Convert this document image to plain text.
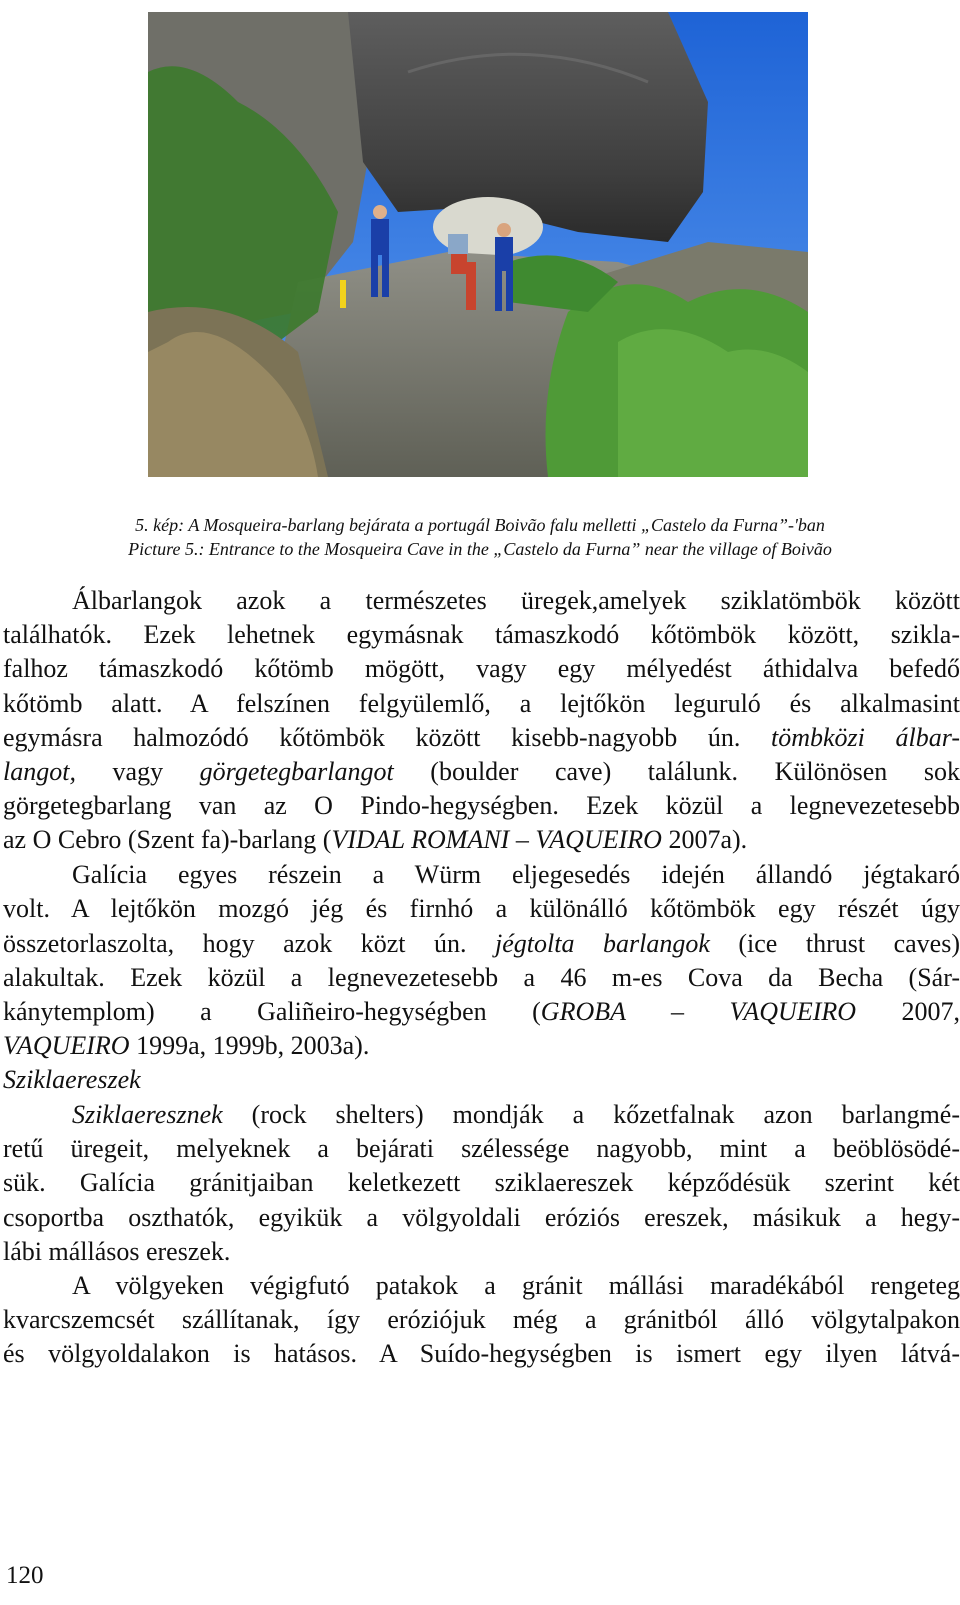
5. kép: A Mosqueira-barlang bejárata a portugál Boivão falu melletti „Castelo da Furna”-'ban
Picture 5.: Entrance to the Mosqueira Cave in the „Castelo da Furna” near the village of Boivão
Álbarlangok azok a természetes üregek,amelyek sziklatömbök között
találhatók. Ezek lehetnek egymásnak támaszkodó kőtömbök között, szikla-
falhoz támaszkodó kőtömb mögött, vagy egy mélyedést áthidalva befedő
kőtömb alatt. A felszínen felgyülemlő, a lejtőkön leguruló és alkalmasint
egymásra halmozódó kőtömbök között kisebb-nagyobb ún. tömbközi álbar-
langot, vagy görgetegbarlangot (boulder cave) találunk. Különösen sok
görgetegbarlang van az O Pindo-hegységben. Ezek közül a legnevezetesebb
az O Cebro (Szent fa)-barlang (VIDAL ROMANI – VAQUEIRO 2007a).
Galícia egyes részein a Würm eljegesedés idején állandó jégtakaró
volt. A lejtőkön mozgó jég és firnhó a különálló kőtömbök egy részét úgy
összetorlaszolta, hogy azok közt ún. jégtolta barlangok (ice thrust caves)
alakultak. Ezek közül a legnevezetesebb a 46 m-es Cova da Becha (Sár-
kánytemplom) a Galiñeiro-hegységben (GROBA – VAQUEIRO 2007,
VAQUEIRO 1999a, 1999b, 2003a).
Sziklaereszek
Sziklaeresznek (rock shelters) mondják a kőzetfalnak azon barlangmé-
retű üregeit, melyeknek a bejárati szélessége nagyobb, mint a beöblösödé-
sük. Galícia gránitjaiban keletkezett sziklaereszek képződésük szerint két
csoportba oszthatók, egyikük a völgyoldali eróziós ereszek, másikuk a hegy-
lábi mállásos ereszek.
A völgyeken végigfutó patakok a gránit mállási maradékából rengeteg
kvarcszemcsét szállítanak, így eróziójuk még a gránitból álló völgytalpakon
és völgyoldalakon is hatásos. A Suído-hegységben is ismert egy ilyen látvá-
120
